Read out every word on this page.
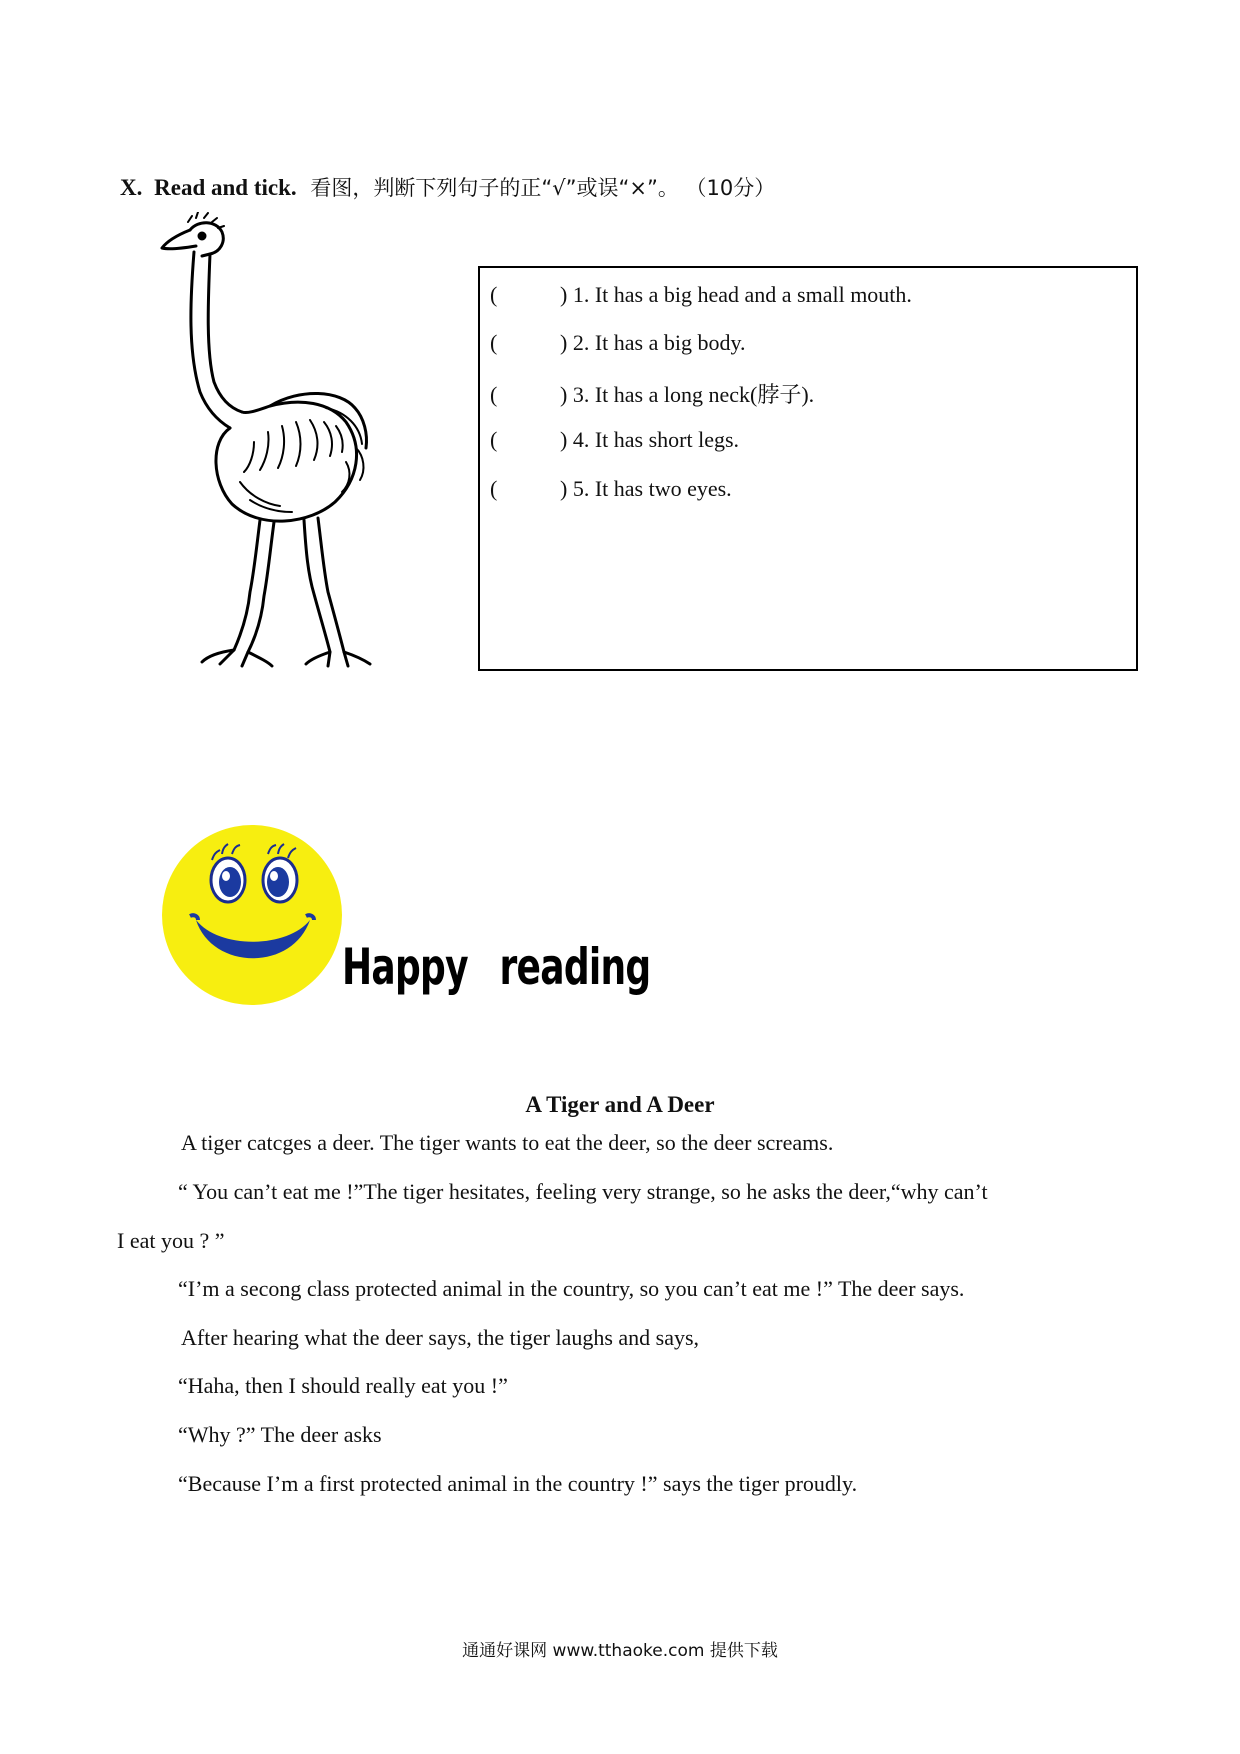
X. Read and tick. 看图，判断下列句子的正“√”或误“×”。 （10分）
(	) 1. It has a big head and a small mouth.
(	) 2. It has a big body.
(	) 3. It has a long neck(脖子).
(	) 4. It has short legs.
(	) 5. It has two eyes.
Happy reading
A Tiger and A Deer
A tiger catcges a deer. The tiger wants to eat the deer, so the deer screams.
“ You can’t eat me !”The tiger hesitates, feeling very strange, so he asks the deer,“why can’t
I eat you ? ”
“I’m a secong class protected animal in the country, so you can’t eat me !” The deer says.
After hearing what the deer says, the tiger laughs and says,
“Haha, then I should really eat you !”
“Why ?” The deer asks
“Because I’m a first protected animal in the country !” says the tiger proudly.
通通好课网 www.tthaoke.com 提供下载
